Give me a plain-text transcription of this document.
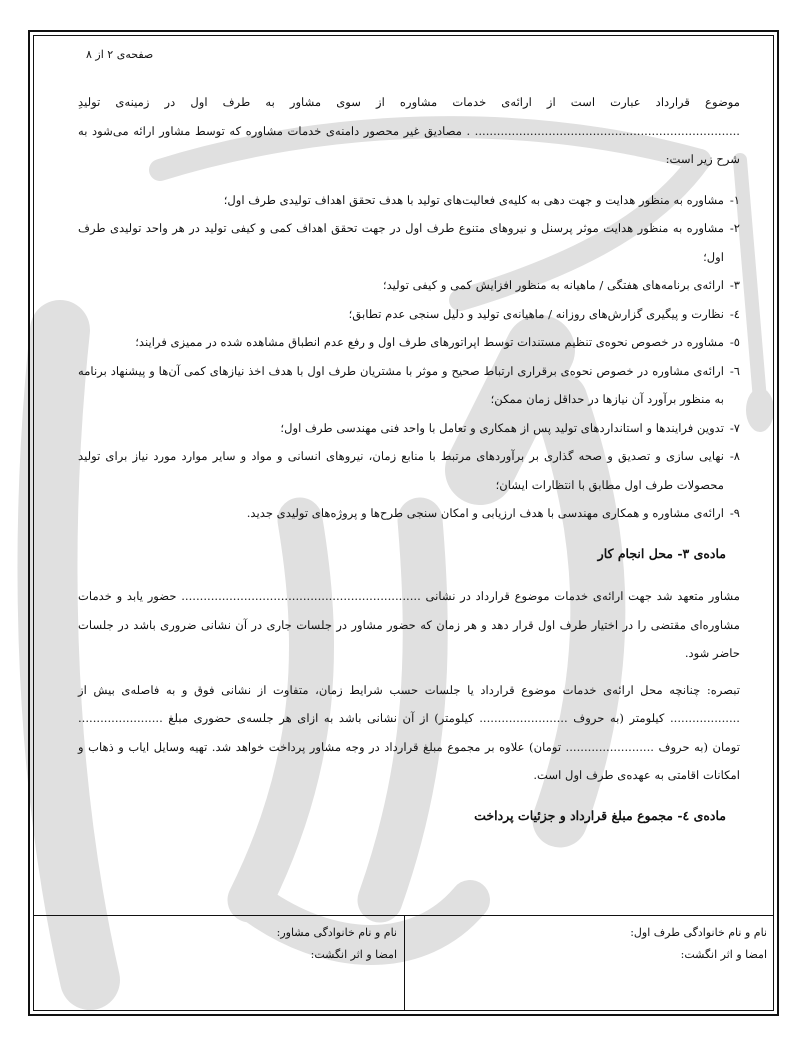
صفحه‌ی ۲ از ۸

موضوع قرارداد عبارت است از ارائه‌ی خدمات مشاوره از سوی مشاور به طرف اول در زمینه‌ی تولیدِ ........................................................................ . مصادیق غیر محصور دامنه‌ی خدمات مشاوره که توسط مشاور ارائه می‌شود به شرح زیر است:

۱-
مشاوره به منظور هدایت و جهت دهی به کلیه‌ی فعالیت‌های تولید با هدف تحقق اهداف تولیدی طرف اول؛
۲-
مشاوره به منظور هدایت موثر پرسنل و نیروهای متنوع طرف اول در جهت تحقق اهداف کمی و کیفی تولید در هر واحد تولیدی طرف اول؛
۳-
ارائه‌ی برنامه‌های هفتگی / ماهیانه به منظور افزایش کمی و کیفی تولید؛
٤-
نظارت و پیگیری گزارش‌های روزانه / ماهیانه‌ی تولید و دلیل سنجی عدم تطابق؛
٥-
مشاوره در خصوص نحوه‌ی تنظیم مستندات توسط اپراتورهای طرف اول و رفع عدم انطباق مشاهده شده در ممیزی فرایند؛
٦-
ارائه‌ی مشاوره در خصوص نحوه‌ی برقراری ارتباط صحیح و موثر با مشتریان طرف اول با هدف اخذ نیازهای کمی آن‌ها و پیشنهاد برنامه به منظور برآورد آن نیازها در حداقل زمان ممکن؛
۷-
تدوین فرایندها و استانداردهای تولید پس از همکاری و تعامل با واحد فنی مهندسی طرف اول؛
۸-
نهایی سازی و تصدیق و صحه گذاری بر برآوردهای مرتبط با منابع زمان، نیروهای انسانی و مواد و سایر موارد مورد نیاز برای تولید محصولات طرف اول مطابق با انتظارات ایشان؛
۹-
ارائه‌ی مشاوره و همکاری مهندسی با هدف ارزیابی و امکان سنجی طرح‌ها و پروژه‌های تولیدی جدید.
ماده‌ی ۳- محل انجام کار

مشاور متعهد شد جهت ارائه‌ی خدمات موضوع قرارداد در نشانی ................................................................. حضور یابد و خدمات مشاوره‌ای مقتضی را در اختیار طرف اول قرار دهد و هر زمان که حضور مشاور در جلسات جاری در آن نشانی ضروری باشد در جلسات حاضر شود.

تبصره: چنانچه محل ارائه‌ی خدمات موضوع قرارداد یا جلسات حسب شرایط زمان، متفاوت از نشانی فوق و به فاصله‌ی بیش از ................... کیلومتر (به حروف ........................ کیلومتر) از آن نشانی باشد به ازای هر جلسه‌ی حضوری مبلغ ....................... تومان (به حروف ........................ تومان) علاوه بر مجموع مبلغ قرارداد در وجه مشاور پرداخت خواهد شد. تهیه وسایل ایاب و ذهاب و امکانات اقامتی به عهده‌ی طرف اول است.

ماده‌ی ٤- مجموع مبلغ قرارداد و جزئیات پرداخت
نام و نام خانوادگی طرف اول:
امضا و اثر انگشت:
نام و نام خانوادگی مشاور:
امضا و اثر انگشت:
